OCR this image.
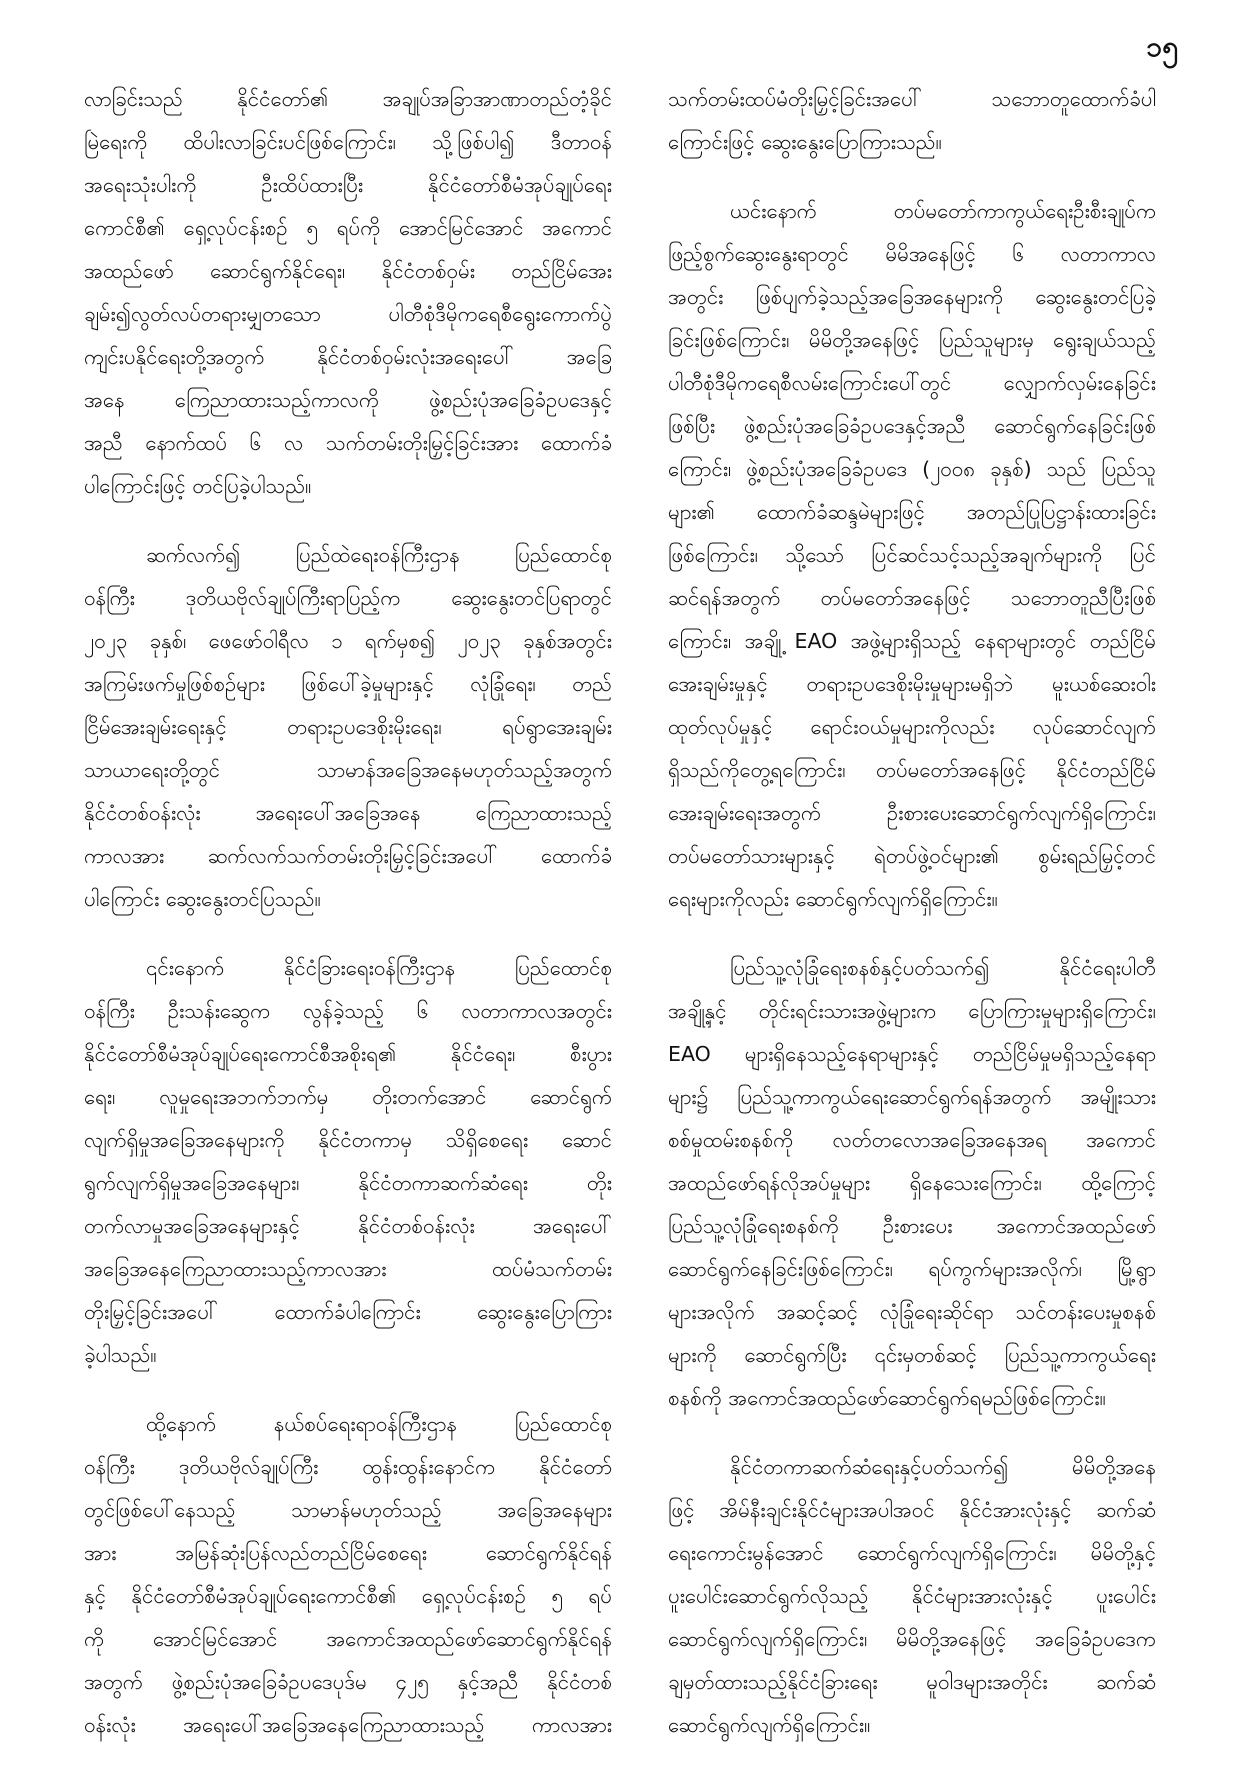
၁၅
လာခြင်းသည် နိုင်ငံတော်၏ အချုပ်အခြာအာဏာတည်တံ့ခိုင်
မြဲရေးကို ထိပါးလာခြင်းပင်ဖြစ်ကြောင်း၊ သို့ဖြစ်ပါ၍ ဒီတာဝန်
အရေးသုံးပါးကို ဦးထိပ်ထားပြီး နိုင်ငံတော်စီမံအုပ်ချုပ်ရေး
ကောင်စီ၏ ရှေ့လုပ်ငန်းစဉ် ၅ ရပ်ကို အောင်မြင်အောင် အကောင်
အထည်ဖော် ဆောင်ရွက်နိုင်ရေး၊ နိုင်ငံတစ်ဝှမ်း တည်ငြိမ်အေး
ချမ်း၍လွတ်လပ်တရားမျှတသော ပါတီစုံဒီမိုကရေစီရွေးကောက်ပွဲ
ကျင်းပနိုင်ရေးတို့အတွက် နိုင်ငံတစ်ဝှမ်းလုံးအရေးပေါ် အခြေ
အနေ ကြေညာထားသည့်ကာလကို ဖွဲ့စည်းပုံအခြေခံဥပဒေနှင့်
အညီ နောက်ထပ် ၆ လ သက်တမ်းတိုးမြှင့်ခြင်းအား ထောက်ခံ
ပါကြောင်းဖြင့် တင်ပြခဲ့ပါသည်။
ဆက်လက်၍ ပြည်ထဲရေးဝန်ကြီးဌာန ပြည်ထောင်စု
ဝန်ကြီး ဒုတိယဗိုလ်ချုပ်ကြီးရာပြည့်က ဆွေးနွေးတင်ပြရာတွင်
၂၀၂၃ ခုနှစ်၊ ဖေဖော်ဝါရီလ ၁ ရက်မှစ၍ ၂၀၂၃ ခုနှစ်အတွင်း
အကြမ်းဖက်မှုဖြစ်စဉ်များ ဖြစ်ပေါ်ခဲ့မှုများနှင့် လုံခြုံရေး၊ တည်
ငြိမ်အေးချမ်းရေးနှင့် တရားဥပဒေစိုးမိုးရေး၊ ရပ်ရွာအေးချမ်း
သာယာရေးတို့တွင် သာမာန်အခြေအနေမဟုတ်သည့်အတွက်
နိုင်ငံတစ်ဝန်းလုံး အရေးပေါ်အခြေအနေ ကြေညာထားသည့်
ကာလအား ဆက်လက်သက်တမ်းတိုးမြှင့်ခြင်းအပေါ် ထောက်ခံ
ပါကြောင်း ဆွေးနွေးတင်ပြသည်။
၎င်းနောက် နိုင်ငံခြားရေးဝန်ကြီးဌာန ပြည်ထောင်စု
ဝန်ကြီး ဦးသန်းဆွေက လွန်ခဲ့သည့် ၆ လတာကာလအတွင်း
နိုင်ငံတော်စီမံအုပ်ချုပ်ရေးကောင်စီအစိုးရ၏ နိုင်ငံရေး၊ စီးပွား
ရေး၊ လူမှုရေးအဘက်ဘက်မှ တိုးတက်အောင် ဆောင်ရွက်
လျက်ရှိမှုအခြေအနေများကို နိုင်ငံတကာမှ သိရှိစေရေး ဆောင်
ရွက်လျက်ရှိမှုအခြေအနေများ၊ နိုင်ငံတကာဆက်ဆံရေး တိုး
တက်လာမှုအခြေအနေများနှင့် နိုင်ငံတစ်ဝန်းလုံး အရေးပေါ်
အခြေအနေကြေညာထားသည့်ကာလအား ထပ်မံသက်တမ်း
တိုးမြှင့်ခြင်းအပေါ် ထောက်ခံပါကြောင်း ဆွေးနွေးပြောကြား
ခဲ့ပါသည်။
ထို့နောက် နယ်စပ်ရေးရာဝန်ကြီးဌာန ပြည်ထောင်စု
ဝန်ကြီး ဒုတိယဗိုလ်ချုပ်ကြီး ထွန်းထွန်းနောင်က နိုင်ငံတော်
တွင်ဖြစ်ပေါ်နေသည့် သာမာန်မဟုတ်သည့် အခြေအနေများ
အား အမြန်ဆုံးပြန်လည်တည်ငြိမ်စေရေး ဆောင်ရွက်နိုင်ရန်
နှင့် နိုင်ငံတော်စီမံအုပ်ချုပ်ရေးကောင်စီ၏ ရှေ့လုပ်ငန်းစဉ် ၅ ရပ်
ကို အောင်မြင်အောင် အကောင်အထည်ဖော်ဆောင်ရွက်နိုင်ရန်
အတွက် ဖွဲ့စည်းပုံအခြေခံဥပဒေပုဒ်မ ၄၂၅ နှင့်အညီ နိုင်ငံတစ်
ဝန်းလုံး အရေးပေါ်အခြေအနေကြေညာထားသည့် ကာလအား
သက်တမ်းထပ်မံတိုးမြှင့်ခြင်းအပေါ် သဘောတူထောက်ခံပါ
ကြောင်းဖြင့် ဆွေးနွေးပြောကြားသည်။
ယင်းနောက် တပ်မတော်ကာကွယ်ရေးဦးစီးချုပ်က
ဖြည့်စွက်ဆွေးနွေးရာတွင် မိမိအနေဖြင့် ၆ လတာကာလ
အတွင်း ဖြစ်ပျက်ခဲ့သည့်အခြေအနေများကို ဆွေးနွေးတင်ပြခဲ့
ခြင်းဖြစ်ကြောင်း၊ မိမိတို့အနေဖြင့် ပြည်သူများမှ ရွေးချယ်သည့်
ပါတီစုံဒီမိုကရေစီလမ်းကြောင်းပေါ်တွင် လျှောက်လှမ်းနေခြင်း
ဖြစ်ပြီး ဖွဲ့စည်းပုံအခြေခံဥပဒေနှင့်အညီ ဆောင်ရွက်နေခြင်းဖြစ်
ကြောင်း၊ ဖွဲ့စည်းပုံအခြေခံဥပဒေ (၂၀၀၈ ခုနှစ်) သည် ပြည်သူ
များ၏ ထောက်ခံဆန္ဒမဲများဖြင့် အတည်ပြုပြဋ္ဌာန်းထားခြင်း
ဖြစ်ကြောင်း၊ သို့သော် ပြင်ဆင်သင့်သည့်အချက်များကို ပြင်
ဆင်ရန်အတွက် တပ်မတော်အနေဖြင့် သဘောတူညီပြီးဖြစ်
ကြောင်း၊ အချို့ EAO အဖွဲ့များရှိသည့် နေရာများတွင် တည်ငြိမ်
အေးချမ်းမှုနှင့် တရားဥပဒေစိုးမိုးမှုများမရှိဘဲ မူးယစ်ဆေးဝါး
ထုတ်လုပ်မှုနှင့် ရောင်းဝယ်မှုများကိုလည်း လုပ်ဆောင်လျက်
ရှိသည်ကိုတွေ့ရကြောင်း၊ တပ်မတော်အနေဖြင့် နိုင်ငံတည်ငြိမ်
အေးချမ်းရေးအတွက် ဦးစားပေးဆောင်ရွက်လျက်ရှိကြောင်း၊
တပ်မတော်သားများနှင့် ရဲတပ်ဖွဲ့ဝင်များ၏ စွမ်းရည်မြှင့်တင်
ရေးများကိုလည်း ဆောင်ရွက်လျက်ရှိကြောင်း။
ပြည်သူ့လုံခြုံရေးစနစ်နှင့်ပတ်သက်၍ နိုင်ငံရေးပါတီ
အချို့နှင့် တိုင်းရင်းသားအဖွဲ့များက ပြောကြားမှုများရှိကြောင်း၊
EAO များရှိနေသည့်နေရာများနှင့် တည်ငြိမ်မှုမရှိသည့်နေရာ
များ၌ ပြည်သူ့ကာကွယ်ရေးဆောင်ရွက်ရန်အတွက် အမျိုးသား
စစ်မှုထမ်းစနစ်ကို လတ်တလောအခြေအနေအရ အကောင်
အထည်ဖော်ရန်လိုအပ်မှုများ ရှိနေသေးကြောင်း၊ ထို့ကြောင့်
ပြည်သူ့လုံခြုံရေးစနစ်ကို ဦးစားပေး အကောင်အထည်ဖော်
ဆောင်ရွက်နေခြင်းဖြစ်ကြောင်း၊ ရပ်ကွက်များအလိုက်၊ မြို့ရွာ
များအလိုက် အဆင့်ဆင့် လုံခြုံရေးဆိုင်ရာ သင်တန်းပေးမှုစနစ်
များကို ဆောင်ရွက်ပြီး ၎င်းမှတစ်ဆင့် ပြည်သူ့ကာကွယ်ရေး
စနစ်ကို အကောင်အထည်ဖော်ဆောင်ရွက်ရမည်ဖြစ်ကြောင်း။
နိုင်ငံတကာဆက်ဆံရေးနှင့်ပတ်သက်၍ မိမိတို့အနေ
ဖြင့် အိမ်နီးချင်းနိုင်ငံများအပါအဝင် နိုင်ငံအားလုံးနှင့် ဆက်ဆံ
ရေးကောင်းမွန်အောင် ဆောင်ရွက်လျက်ရှိကြောင်း၊ မိမိတို့နှင့်
ပူးပေါင်းဆောင်ရွက်လိုသည့် နိုင်ငံများအားလုံးနှင့် ပူးပေါင်း
ဆောင်ရွက်လျက်ရှိကြောင်း၊ မိမိတို့အနေဖြင့် အခြေခံဥပဒေက
ချမှတ်ထားသည့်နိုင်ငံခြားရေး မူဝါဒများအတိုင်း ဆက်ဆံ
ဆောင်ရွက်လျက်ရှိကြောင်း။
